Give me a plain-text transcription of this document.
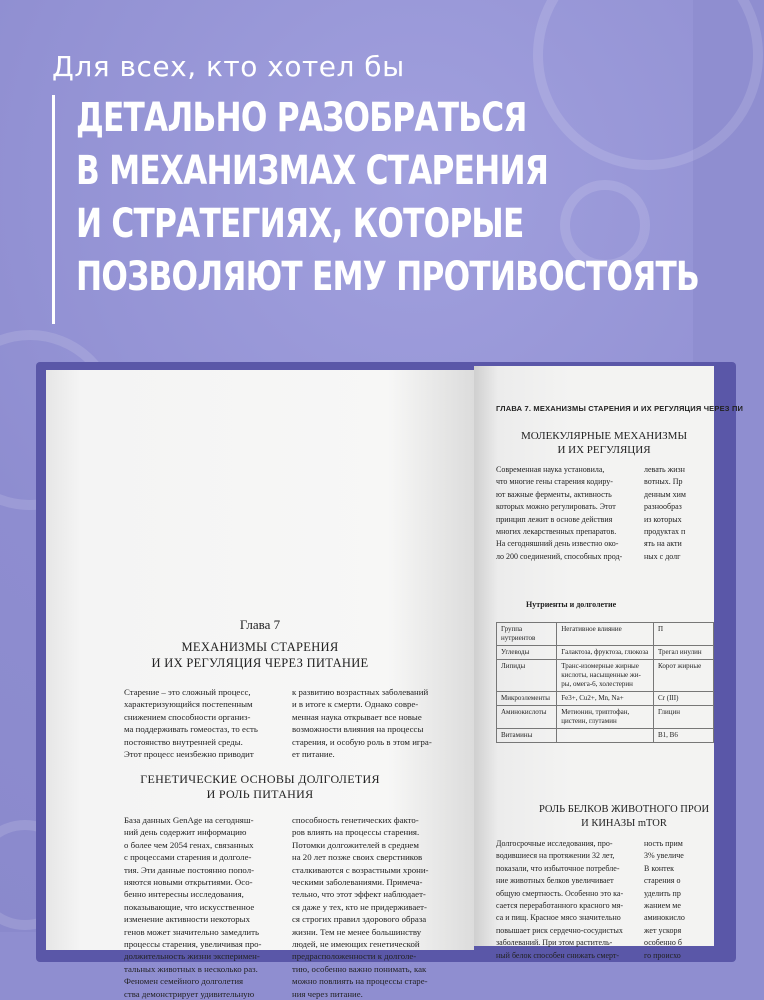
Для всех, кто хотел бы
ДЕТАЛЬНО РАЗОБРАТЬСЯ
В МЕХАНИЗМАХ СТАРЕНИЯ
И СТРАТЕГИЯХ, КОТОРЫЕ
ПОЗВОЛЯЮТ ЕМУ ПРОТИВОСТОЯТЬ
Глава 7
МЕХАНИЗМЫ СТАРЕНИЯ
И ИХ РЕГУЛЯЦИЯ ЧЕРЕЗ ПИТАНИЕ

Старение – это сложный процесс,

характеризующийся постепенным

снижением способности организ-

ма поддерживать гомеостаз, то есть

постоянство внутренней среды.

Этот процесс неизбежно приводит

к развитию возрастных заболеваний

и в итоге к смерти. Однако совре-

менная наука открывает все новые

возможности влияния на процессы

старения, и особую роль в этом игра-

ет питание.

ГЕНЕТИЧЕСКИЕ ОСНОВЫ ДОЛГОЛЕТИЯ
И РОЛЬ ПИТАНИЯ

База данных GenAge на сегодняш-

ний день содержит информацию

о более чем 2054 генах, связанных

с процессами старения и долголе-

тия. Эти данные постоянно попол-

няются новыми открытиями. Осо-

бенно интересны исследования,

показывающие, что искусственное

изменение активности некоторых

генов может значительно замедлить

процессы старения, увеличивая про-

должительность жизни эксперимен-

тальных животных в несколько раз.

Феномен семейного долголетия

ства демонстрирует удивительную

способность генетических факто-

ров влиять на процессы старения.

Потомки долгожителей в среднем

на 20 лет позже своих сверстников

сталкиваются с возрастными хрони-

ческими заболеваниями. Примеча-

тельно, что этот эффект наблюдает-

ся даже у тех, кто не придерживает-

ся строгих правил здорового образа

жизни. Тем не менее большинству

людей, не имеющих генетической

предрасположенности к долголе-

тию, особенно важно понимать, как

можно повлиять на процессы старе-

ния через питание.

ГЛАВА 7. МЕХАНИЗМЫ СТАРЕНИЯ И ИХ РЕГУЛЯЦИЯ ЧЕРЕЗ ПИ
МОЛЕКУЛЯРНЫЕ МЕХАНИЗМЫ
И ИХ РЕГУЛЯЦИЯ
Современная наука установила,
что многие гены старения кодиру-
ют важные ферменты, активность
которых можно регулировать. Этот
принцип лежит в основе действия
многих лекарственных препаратов.
На сегодняшний день известно око-
ло 200 соединений, способных прод-
левать жизн
вотных. Пр
денным хим
разнообраз
из которых
продуктах п
ять на акти
ных с долг
Нутриенты и долголетие
Группа нутриентов	Негативное влияние	П
Углеводы	Галактоза, фруктоза, глюкоза	Трегал инулин
Липиды	Транс-изомерные жирные кислоты, насыщенные жи-ры, омега-6, холестерин	Корот жирные
Микроэлементы	Fe3+, Cu2+, Mn, Na+	Cr (III)
Аминокислоты	Метионин, триптофан, цистеин, глутамин	Глицин
Витамины		B1, B6
РОЛЬ БЕЛКОВ ЖИВОТНОГО ПРОИ
И КИНАЗЫ mTOR
Долгосрочные исследования, про-
водившиеся на протяжении 32 лет,
показали, что избыточное потребле-
ние животных белков увеличивает
общую смертность. Особенно это ка-
сается переработанного красного мя-
са и пищ. Красное мясо значительно
повышает риск сердечно-сосудистых
заболеваний. При этом раститель-
ный белок способен снижать смерт-
ность прим
3% увеличе
В контек
старения о
уделить пр
жанием ме
аминокисло
жет ускоря
особенно б
го происхо
